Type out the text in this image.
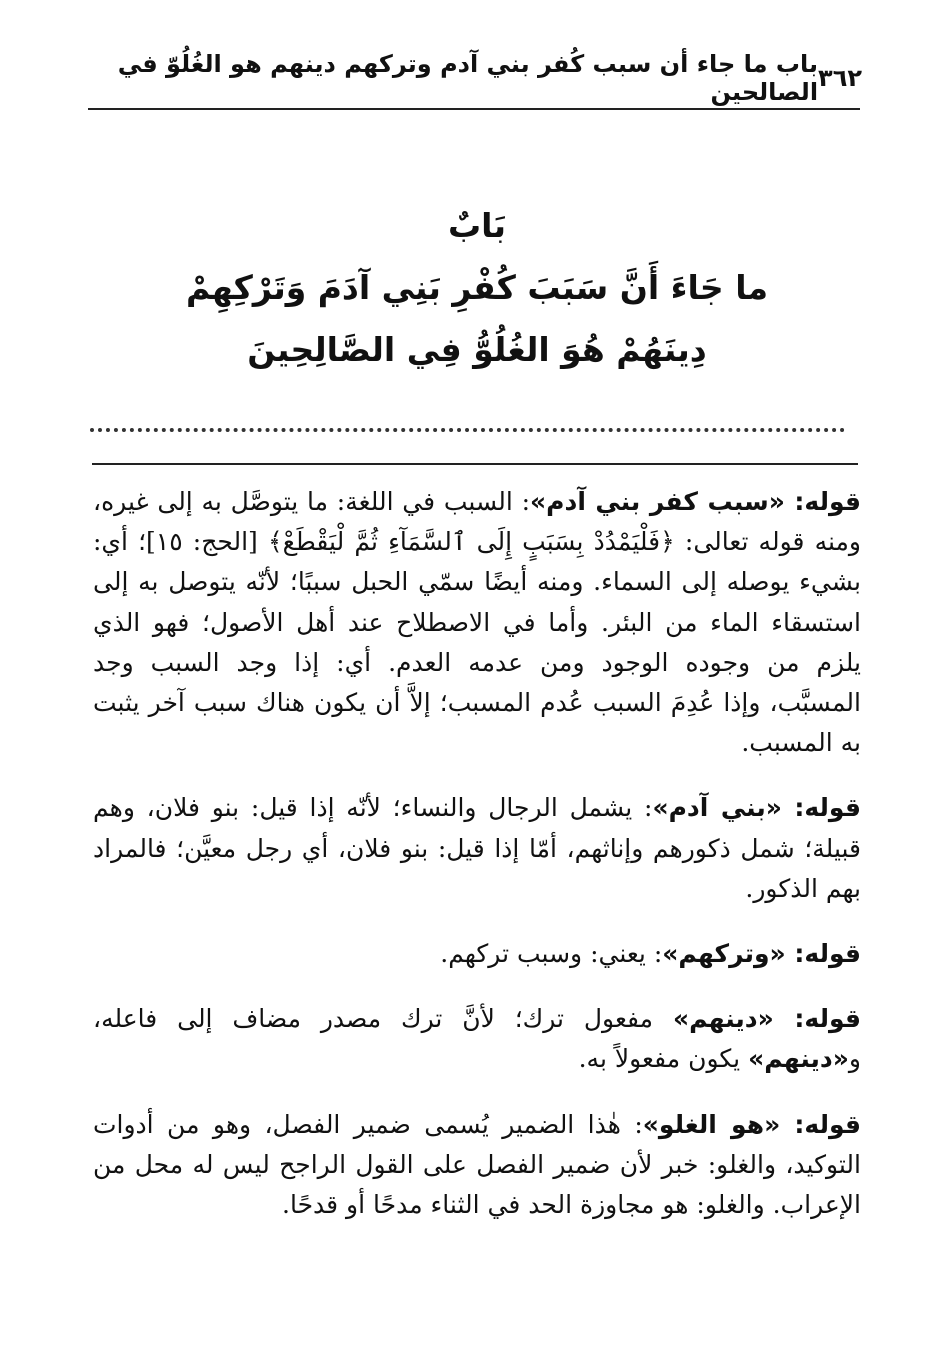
٣٦٢
باب ما جاء أن سبب كُفر بني آدم وتركهم دينهم هو الغُلُوّ في الصالحين
بَابٌ
ما جَاءَ أَنَّ سَبَبَ كُفْرِ بَنِي آدَمَ وَتَرْكِهِمْ
دِينَهُمْ هُوَ الغُلُوُّ فِي الصَّالِحِينَ

قوله: «سبب كفر بني آدم»: السبب في اللغة: ما يتوصَّل به إلى غيره، ومنه قوله تعالى: ﴿فَلْيَمْدُدْ بِسَبَبٍ إِلَى ٱلسَّمَآءِ ثُمَّ لْيَقْطَعْ﴾ [الحج: ١٥]؛ أي: بشيء يوصله إلى السماء. ومنه أيضًا سمّي الحبل سببًا؛ لأنّه يتوصل به إلى استسقاء الماء من البئر. وأما في الاصطلاح عند أهل الأصول؛ فهو الذي يلزم من وجوده الوجود ومن عدمه العدم. أي: إذا وجد السبب وجد المسبَّب، وإذا عُدِمَ السبب عُدم المسبب؛ إلاَّ أن يكون هناك سبب آخر يثبت به المسبب.

قوله: «بني آدم»: يشمل الرجال والنساء؛ لأنّه إذا قيل: بنو فلان، وهم قبيلة؛ شمل ذكورهم وإناثهم، أمّا إذا قيل: بنو فلان، أي رجل معيَّن؛ فالمراد بهم الذكور.

قوله: «وتركهم»: يعني: وسبب تركهم.

قوله: «دينهم» مفعول ترك؛ لأنَّ ترك مصدر مضاف إلى فاعله، و«دينهم» يكون مفعولاً به.

قوله: «هو الغلو»: هٰذا الضمير يُسمى ضمير الفصل، وهو من أدوات التوكيد، والغلو: خبر لأن ضمير الفصل على القول الراجح ليس له محل من الإعراب. والغلو: هو مجاوزة الحد في الثناء مدحًا أو قدحًا.
